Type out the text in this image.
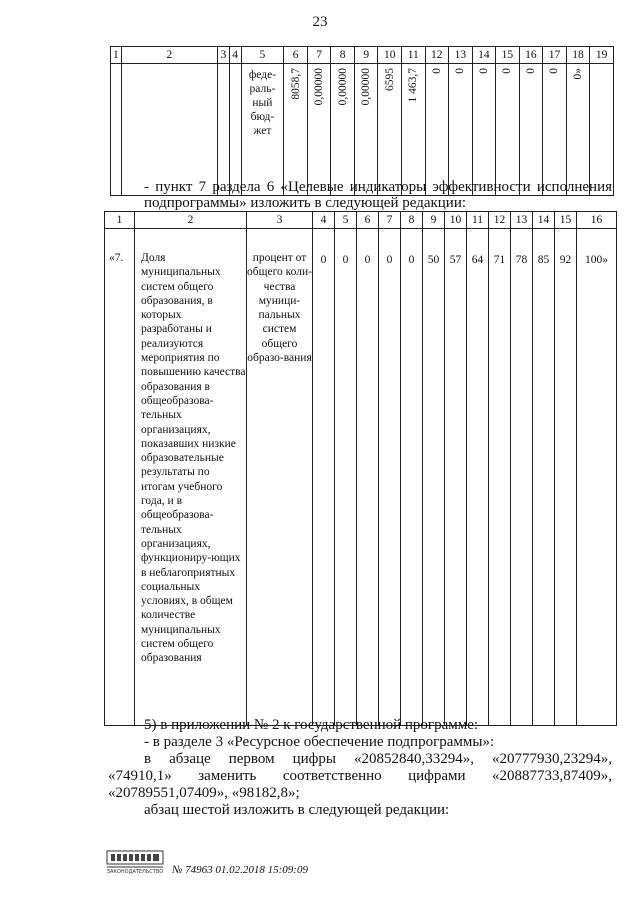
23
1	2	3	4	5	6	7	8	9	10	11	12	13	14	15	16	17	18	19
				феде-
раль-
ный
бюд-
жет	8058,7	0,00000	0,00000	0,00000	6595	1 463,7	0	0	0	0	0	0	0»	

- пункт 7 раздела 6 «Целевые индикаторы эффективности исполнения подпрограммы» изложить в следующей редакции:
1	2	3	4	5	6	7	8	9	10	11	12	13	14	15	16
«7.	Доля муниципальных систем общего образования, в которых разработаны и реализуются мероприятия по повышению качества образования в общеобразова-тельных организациях, показавших низкие образовательные результаты по итогам учебного года, и в общеобразова-тельных организациях, функциониру-ющих в неблагоприятных социальных условиях, в общем количестве муниципальных систем общего образования	процент от общего коли-чества муници-пальных систем общего образо-вания	0	0	0	0	0	50	57	64	71	78	85	92	100»
5) в приложении № 2 к государственной программе:
- в разделе 3 «Ресурсное обеспечение подпрограммы»:
в абзаце первом цифры «20852840,33294», «20777930,23294»,
«74910,1» заменить соответственно цифрами «20887733,87409»,
«20789551,07409», «98182,8»;
абзац шестой изложить в следующей редакции:
ЗАКОНОДАТЕЛЬСТВО № 74963 01.02.2018 15:09:09
